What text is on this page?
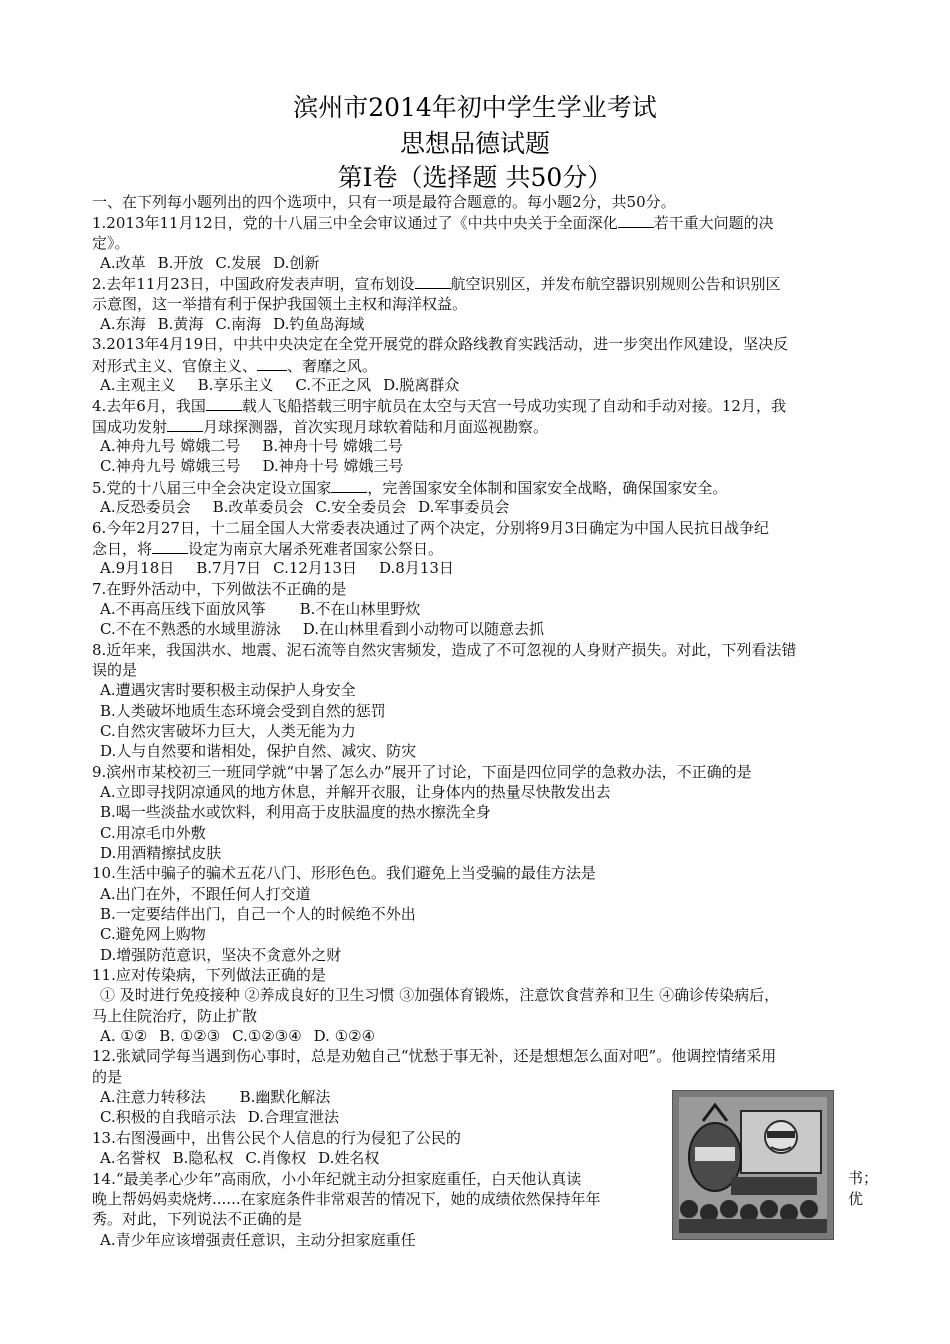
滨州市2014年初中学生学业考试
思想品德试题
第Ⅰ卷（选择题 共50分）
一、在下列每小题列出的四个选项中，只有一项是最符合题意的。每小题2分，共50分。
1.2013年11月12日，党的十八届三中全会审议通过了《中共中央关于全面深化 若干重大问题的决
定》。
A.改革 B.开放 C.发展 D.创新
2.去年11月23日，中国政府发表声明，宣布划设 航空识别区，并发布航空器识别规则公告和识别区
示意图，这一举措有利于保护我国领土主权和海洋权益。
A.东海 B.黄海 C.南海 D.钓鱼岛海域
3.2013年4月19日，中共中央决定在全党开展党的群众路线教育实践活动，进一步突出作风建设，坚决反
对形式主义、官僚主义、 、奢靡之风。
A.主观主义 B.享乐主义 C.不正之风 D.脱离群众
4.去年6月，我国 载人飞船搭载三明宇航员在太空与天宫一号成功实现了自动和手动对接。12月，我
国成功发射 月球探测器，首次实现月球软着陆和月面巡视勘察。
A.神舟九号 嫦娥二号 B.神舟十号 嫦娥二号
C.神舟九号 嫦娥三号 D.神舟十号 嫦娥三号
5.党的十八届三中全会决定设立国家 ，完善国家安全体制和国家安全战略，确保国家安全。
A.反恐委员会 B.改革委员会 C.安全委员会 D.军事委员会
6.今年2月27日，十二届全国人大常委表决通过了两个决定，分别将9月3日确定为中国人民抗日战争纪
念日，将 设定为南京大屠杀死难者国家公祭日。
A.9月18日 B.7月7日 C.12月13日 D.8月13日
7.在野外活动中，下列做法不正确的是
A.不再高压线下面放风筝 B.不在山林里野炊
C.不在不熟悉的水域里游泳 D.在山林里看到小动物可以随意去抓
8.近年来，我国洪水、地震、泥石流等自然灾害频发，造成了不可忽视的人身财产损失。对此，下列看法错
误的是
A.遭遇灾害时要积极主动保护人身安全
B.人类破坏地质生态环境会受到自然的惩罚
C.自然灾害破坏力巨大，人类无能为力
D.人与自然要和谐相处，保护自然、减灾、防灾
9.滨州市某校初三一班同学就“中暑了怎么办”展开了讨论，下面是四位同学的急救办法，不正确的是
A.立即寻找阴凉通风的地方休息，并解开衣服，让身体内的热量尽快散发出去
B.喝一些淡盐水或饮料，利用高于皮肤温度的热水擦洗全身
C.用凉毛巾外敷
D.用酒精擦拭皮肤
10.生活中骗子的骗术五花八门、形形色色。我们避免上当受骗的最佳方法是
A.出门在外，不跟任何人打交道
B.一定要结伴出门，自己一个人的时候绝不外出
C.避免网上购物
D.增强防范意识，坚决不贪意外之财
11.应对传染病，下列做法正确的是
① 及时进行免疫接种 ②养成良好的卫生习惯 ③加强体育锻炼，注意饮食营养和卫生 ④确诊传染病后，
马上住院治疗，防止扩散
A. ①② B. ①②③ C.①②③④ D. ①②④
12.张斌同学每当遇到伤心事时，总是劝勉自己“忧愁于事无补，还是想想怎么面对吧”。他调控情绪采用
的是
A.注意力转移法 B.幽默化解法
C.积极的自我暗示法 D.合理宣泄法
13.右图漫画中，出售公民个人信息的行为侵犯了公民的
A.名誉权 B.隐私权 C.肖像权 D.姓名权
14.“最美孝心少年”高雨欣，小小年纪就主动分担家庭重任，白天他认真读
晚上帮妈妈卖烧烤......在家庭条件非常艰苦的情况下，她的成绩依然保持年年
秀。对此，下列说法不正确的是
A.青少年应该增强责任意识，主动分担家庭重任
书；
优
